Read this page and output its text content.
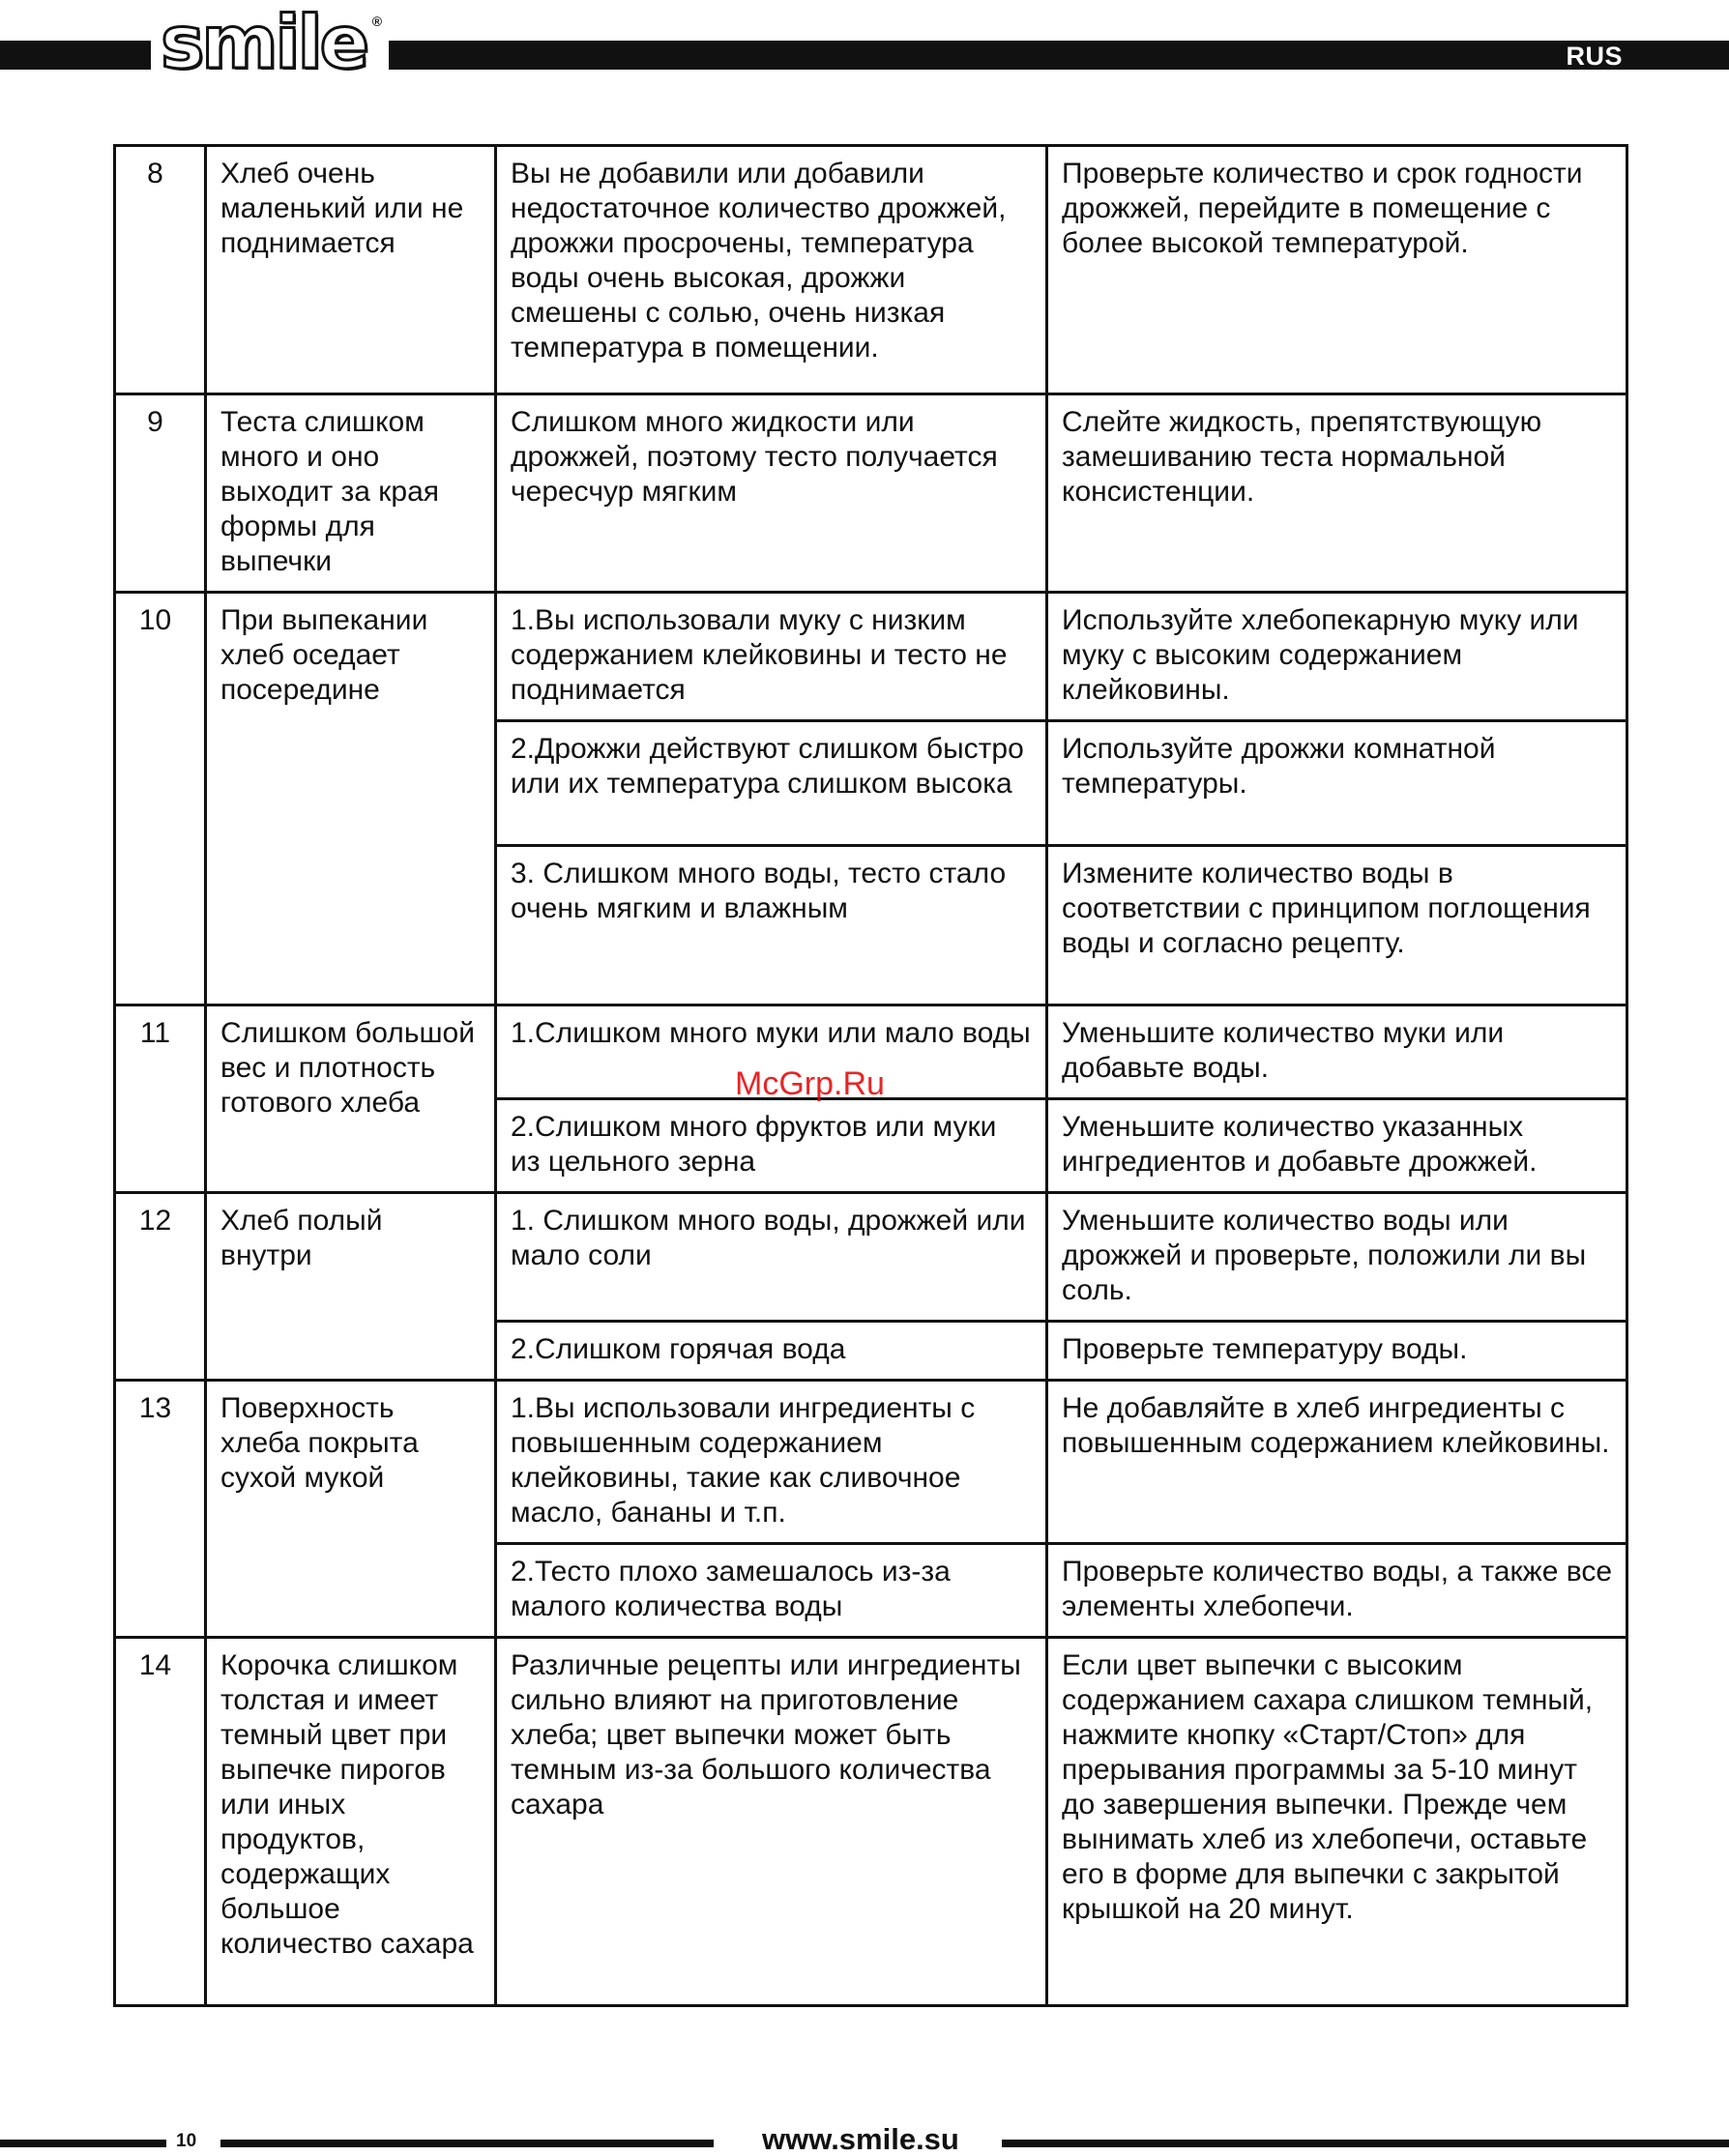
smile ®
RUS
8	Хлеб очень маленький или не поднимается	Вы не добавили или добавили недостаточное количество дрожжей, дрожжи просрочены, температура воды очень высокая, дрожжи смешены с солью, очень низкая температура в помещении.	Проверьте количество и срок годности дрожжей, перейдите в помещение с более высокой температурой.

9	Теста слишком много и оно выходит за края формы для выпечки	Слишком много жидкости или дрожжей, поэтому тесто получается чересчур мягким	Слейте жидкость, препятствующую замешиванию теста нормальной консистенции.

10	При выпекании хлеб оседает посередине	1.Вы использовали муку с низким содержанием клейковины и тесто не поднимается	Используйте хлебопекарную муку или муку с высоким содержанием клейковины.

		2.Дрожжи действуют слишком быстро или их температура слишком высока	Используйте дрожжи комнатной температуры.

		3. Слишком много воды, тесто стало очень мягким и влажным	Измените количество воды в соответствии с принципом поглощения воды и согласно рецепту.

11	Слишком большой вес и плотность готового хлеба	1.Слишком много муки или мало воды	Уменьшите количество муки или добавьте воды.

		2.Слишком много фруктов или муки из цельного зерна	Уменьшите количество указанных ингредиентов и добавьте дрожжей.

12	Хлеб полый внутри	1. Слишком много воды, дрожжей или мало соли	Уменьшите количество воды или дрожжей и проверьте, положили ли вы соль.

		2.Слишком горячая вода	Проверьте температуру воды.

13	Поверхность хлеба покрыта сухой мукой	1.Вы использовали ингредиенты с повышенным содержанием клейковины, такие как сливочное масло, бананы и т.п.	Не добавляйте в хлеб ингредиенты с повышенным содержанием клейковины.

		2.Тесто плохо замешалось из-за малого количества воды	Проверьте количество воды, а также все элементы хлебопечи.

14	Корочка слишком толстая и имеет темный цвет при выпечке пирогов или иных продуктов, содержащих большое количество сахара	Различные рецепты или ингредиенты сильно влияют на приготовление хлеба; цвет выпечки может быть темным из-за большого количества сахара	Если цвет выпечки с высоким содержанием сахара слишком темный, нажмите кнопку «Старт/Стоп» для прерывания программы за 5-10 минут до завершения выпечки. Прежде чем вынимать хлеб из хлебопечи, оставьте его в форме для выпечки с закрытой крышкой на 20 минут.
McGrp.Ru
10	www.smile.su
